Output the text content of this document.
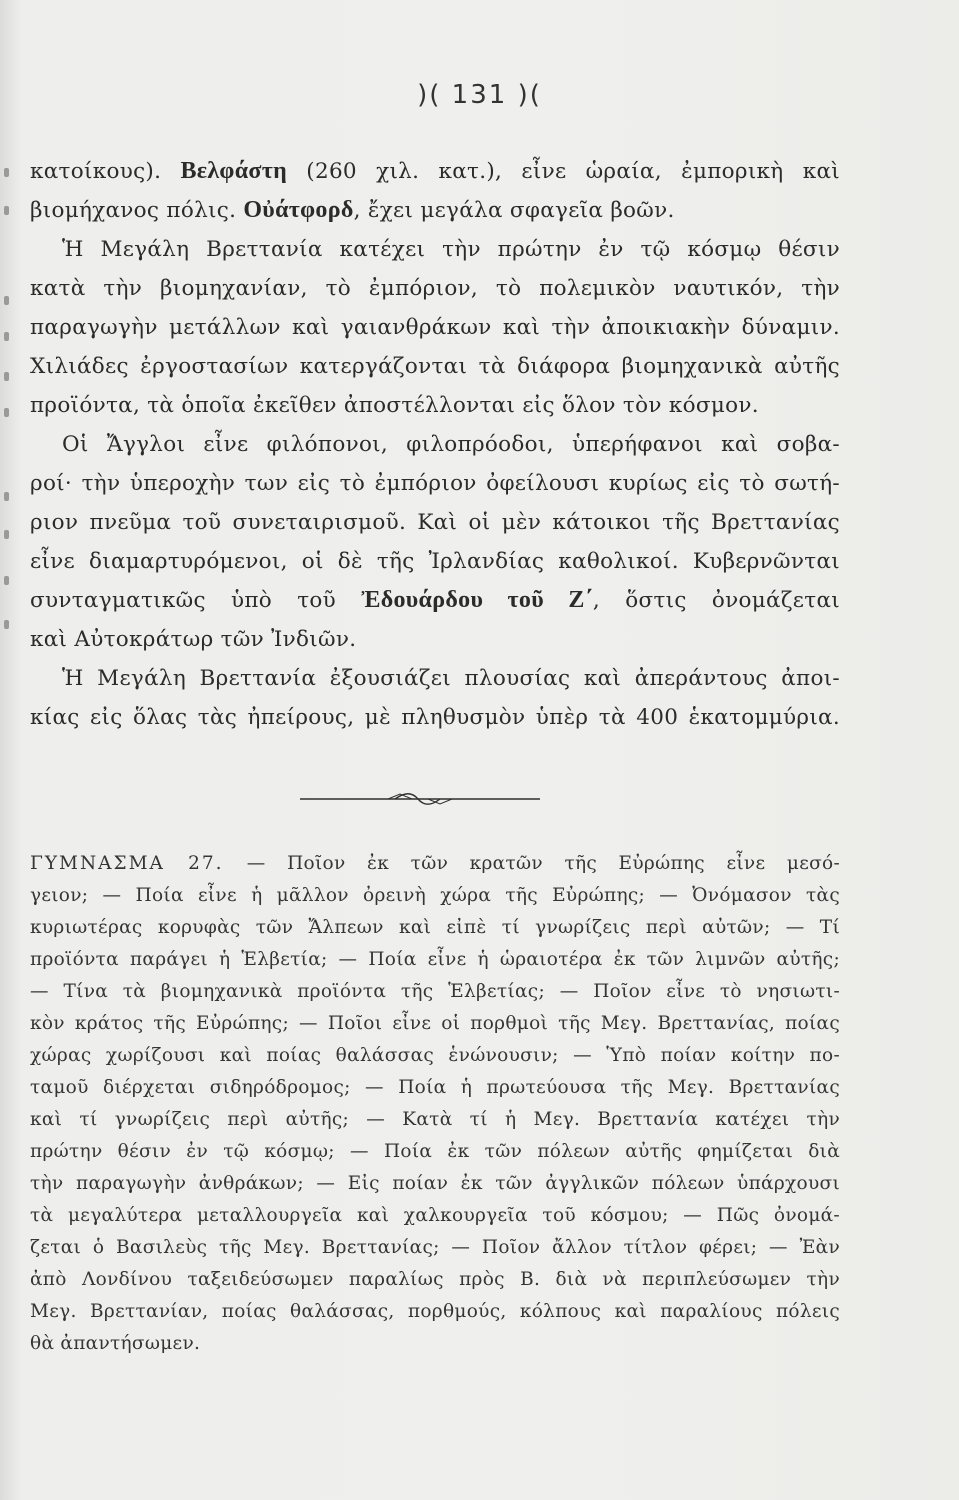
)( 131 )(
κατοίκους). Βελφάστη (260 χιλ. κατ.), εἶνε ὡραία, ἐμπορικὴ καὶ
βιομήχανος πόλις. Οὐάτφορδ, ἔχει μεγάλα σφαγεῖα βοῶν.
Ἡ Μεγάλη Βρεττανία κατέχει τὴν πρώτην ἐν τῷ κόσμῳ θέσιν
κατὰ τὴν βιομηχανίαν, τὸ ἐμπόριον, τὸ πολεμικὸν ναυτικόν, τὴν
παραγωγὴν μετάλλων καὶ γαιανθράκων καὶ τὴν ἀποικιακὴν δύναμιν.
Χιλιάδες ἐργοστασίων κατεργάζονται τὰ διάφορα βιομηχανικὰ αὐτῆς
προϊόντα, τὰ ὁποῖα ἐκεῖθεν ἀποστέλλονται εἰς ὅλον τὸν κόσμον.
Οἱ Ἄγγλοι εἶνε φιλόπονοι, φιλοπρόοδοι, ὑπερήφανοι καὶ σοβα-
ροί· τὴν ὑπεροχὴν των εἰς τὸ ἐμπόριον ὀφείλουσι κυρίως εἰς τὸ σωτή-
ριον πνεῦμα τοῦ συνεταιρισμοῦ. Καὶ οἱ μὲν κάτοικοι τῆς Βρεττανίας
εἶνε διαμαρτυρόμενοι, οἱ δὲ τῆς Ἰρλανδίας καθολικοί. Κυβερνῶνται
συνταγματικῶς ὑπὸ τοῦ Ἐδουάρδου τοῦ Ζ΄, ὅστις ὀνομάζεται
καὶ Αὐτοκράτωρ τῶν Ἰνδιῶν.
Ἡ Μεγάλη Βρεττανία ἐξουσιάζει πλουσίας καὶ ἀπεράντους ἀποι-
κίας εἰς ὅλας τὰς ἠπείρους, μὲ πληθυσμὸν ὑπὲρ τὰ 400 ἑκατομμύρια.
ΓΥΜΝΑΣΜΑ 27. — Ποῖον ἐκ τῶν κρατῶν τῆς Εὐρώπης εἶνε μεσό-
γειον; — Ποία εἶνε ἡ μᾶλλον ὀρεινὴ χώρα τῆς Εὐρώπης; — Ὀνόμασον τὰς
κυριωτέρας κορυφὰς τῶν Ἄλπεων καὶ εἰπὲ τί γνωρίζεις περὶ αὐτῶν; — Τί
προϊόντα παράγει ἡ Ἑλβετία; — Ποία εἶνε ἡ ὡραιοτέρα ἐκ τῶν λιμνῶν αὐτῆς;
— Τίνα τὰ βιομηχανικὰ προϊόντα τῆς Ἑλβετίας; — Ποῖον εἶνε τὸ νησιωτι-
κὸν κράτος τῆς Εὐρώπης; — Ποῖοι εἶνε οἱ πορθμοὶ τῆς Μεγ. Βρεττανίας, ποίας
χώρας χωρίζουσι καὶ ποίας θαλάσσας ἑνώνουσιν; — Ὑπὸ ποίαν κοίτην πο-
ταμοῦ διέρχεται σιδηρόδρομος; — Ποία ἡ πρωτεύουσα τῆς Μεγ. Βρεττανίας
καὶ τί γνωρίζεις περὶ αὐτῆς; — Κατὰ τί ἡ Μεγ. Βρεττανία κατέχει τὴν
πρώτην θέσιν ἐν τῷ κόσμῳ; — Ποία ἐκ τῶν πόλεων αὐτῆς φημίζεται διὰ
τὴν παραγωγὴν ἀνθράκων; — Εἰς ποίαν ἐκ τῶν ἀγγλικῶν πόλεων ὑπάρχουσι
τὰ μεγαλύτερα μεταλλουργεῖα καὶ χαλκουργεῖα τοῦ κόσμου; — Πῶς ὀνομά-
ζεται ὁ Βασιλεὺς τῆς Μεγ. Βρεττανίας; — Ποῖον ἄλλον τίτλον φέρει; — Ἐὰν
ἀπὸ Λονδίνου ταξειδεύσωμεν παραλίως πρὸς Β. διὰ νὰ περιπλεύσωμεν τὴν
Μεγ. Βρεττανίαν, ποίας θαλάσσας, πορθμούς, κόλπους καὶ παραλίους πόλεις
θὰ ἀπαντήσωμεν.
